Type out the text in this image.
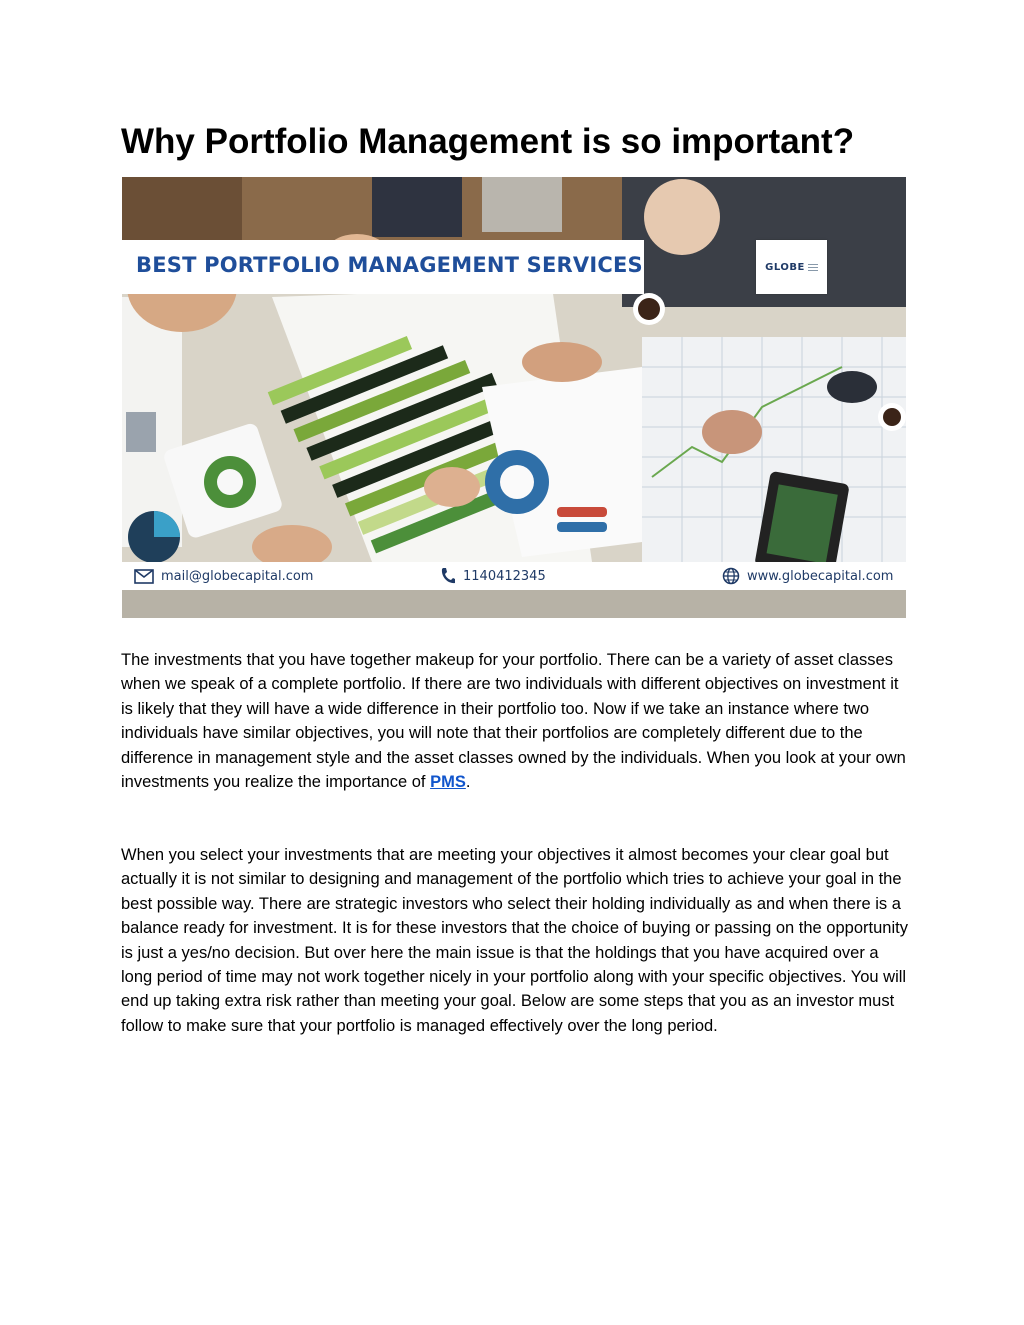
Why Portfolio Management is so important?
BEST PORTFOLIO MANAGEMENT SERVICES	GLOBE
mail@globecapital.com	1140412345	www.globecapital.com

The investments that you have together makeup for your portfolio. There can be a variety of asset classes when we speak of a complete portfolio. If there are two individuals with different objectives on investment it is likely that they will have a wide difference in their portfolio too. Now if we take an instance where two individuals have similar objectives, you will note that their portfolios are completely different due to the difference in management style and the asset classes owned by the individuals. When you look at your own investments you realize the importance of PMS.

When you select your investments that are meeting your objectives it almost becomes your clear goal but actually it is not similar to designing and management of the portfolio which tries to achieve your goal in the best possible way. There are strategic investors who select their holding individually as and when there is a balance ready for investment. It is for these investors that the choice of buying or passing on the opportunity is just a yes/no decision. But over here the main issue is that the holdings that you have acquired over a long period of time may not work together nicely in your portfolio along with your specific objectives. You will end up taking extra risk rather than meeting your goal. Below are some steps that you as an investor must follow to make sure that your portfolio is managed effectively over the long period.
